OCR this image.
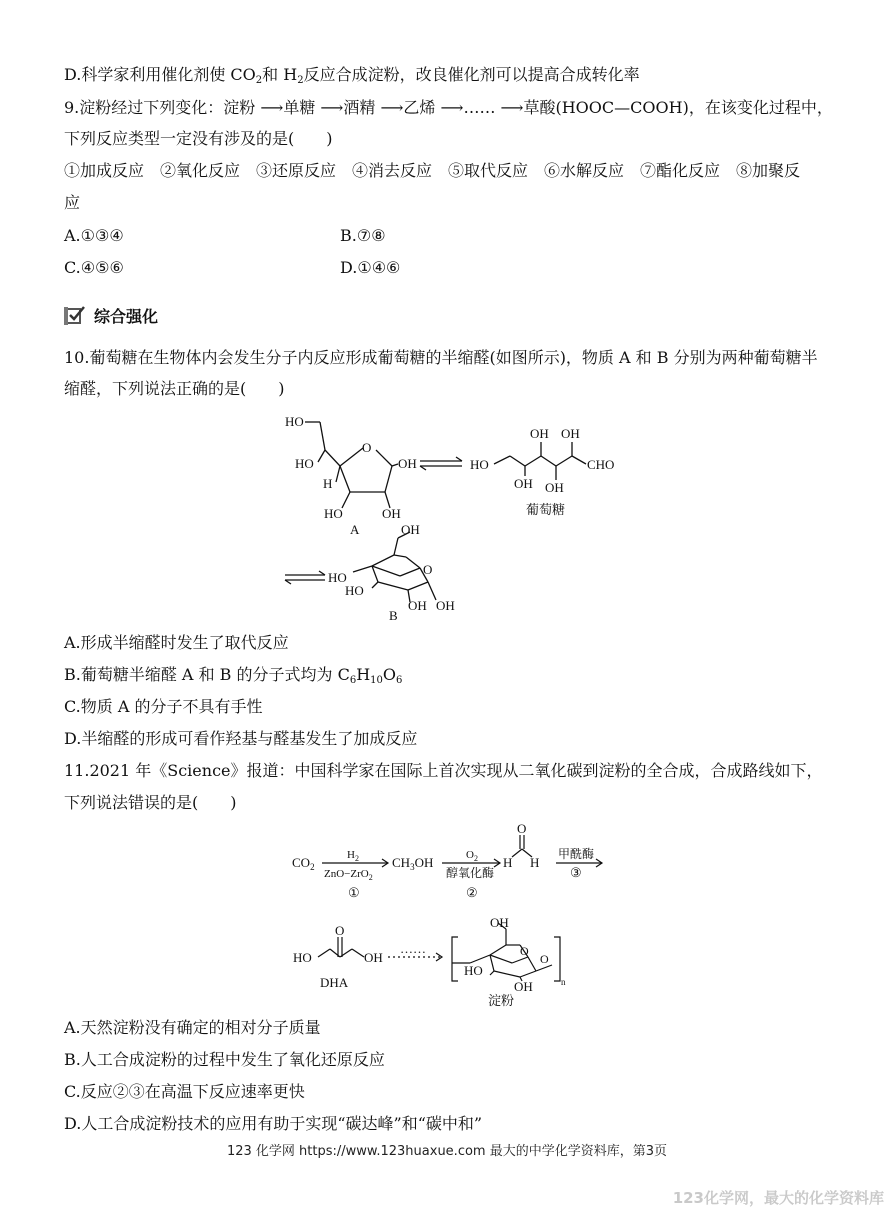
D.科学家利用催化剂使 $CO_2$和 $H_2$反应合成淀粉，改良催化剂可以提高合成转化率
9.淀粉经过下列变化：淀粉 ⟶单糖 ⟶酒精 ⟶乙烯 ⟶…… ⟶草酸(HOOC—COOH)，在该变化过程中，
下列反应类型一定没有涉及的是(　　)
①加成反应　②氧化反应　③还原反应　④消去反应　⑤取代反应　⑥水解反应　⑦酯化反应　⑧加聚反
应
A.①③④	B.⑦⑧
C.④⑤⑥	D.①④⑥
综合强化
10.葡萄糖在生物体内会发生分子内反应形成葡萄糖的半缩醛(如图所示)，物质 A 和 B 分别为两种葡萄糖半
缩醛，下列说法正确的是(　　)
HO
HO
H
O
OH
HO	OH
A
HO
OH OH
OH OH
CHO
葡萄糖
OH
HO
O
HO
OH OH
B
A.形成半缩醛时发生了取代反应
B.葡萄糖半缩醛 A 和 B 的分子式均为 $C_6H_{10}O_6$
C.物质 A 的分子不具有手性
D.半缩醛的形成可看作羟基与醛基发生了加成反应
11.2021 年《Science》报道：中国科学家在国际上首次实现从二氧化碳到淀粉的全合成，合成路线如下，
下列说法错误的是(　　)
$CO_2$
$H_2$
ZnO−ZrO$_2$
①
$CH_3OH$	$O_2$
醇氧化酶
②
H H
O
甲酰酶
③
HO
O
OH
DHA
……
OH
HO
O
O
OH	n
淀粉
A.天然淀粉没有确定的相对分子质量
B.人工合成淀粉的过程中发生了氧化还原反应
C.反应②③在高温下反应速率更快
D.人工合成淀粉技术的应用有助于实现“碳达峰”和“碳中和”
123 化学网 https://www.123huaxue.com 最大的中学化学资料库，第3页
123化学网，最大的化学资料库
